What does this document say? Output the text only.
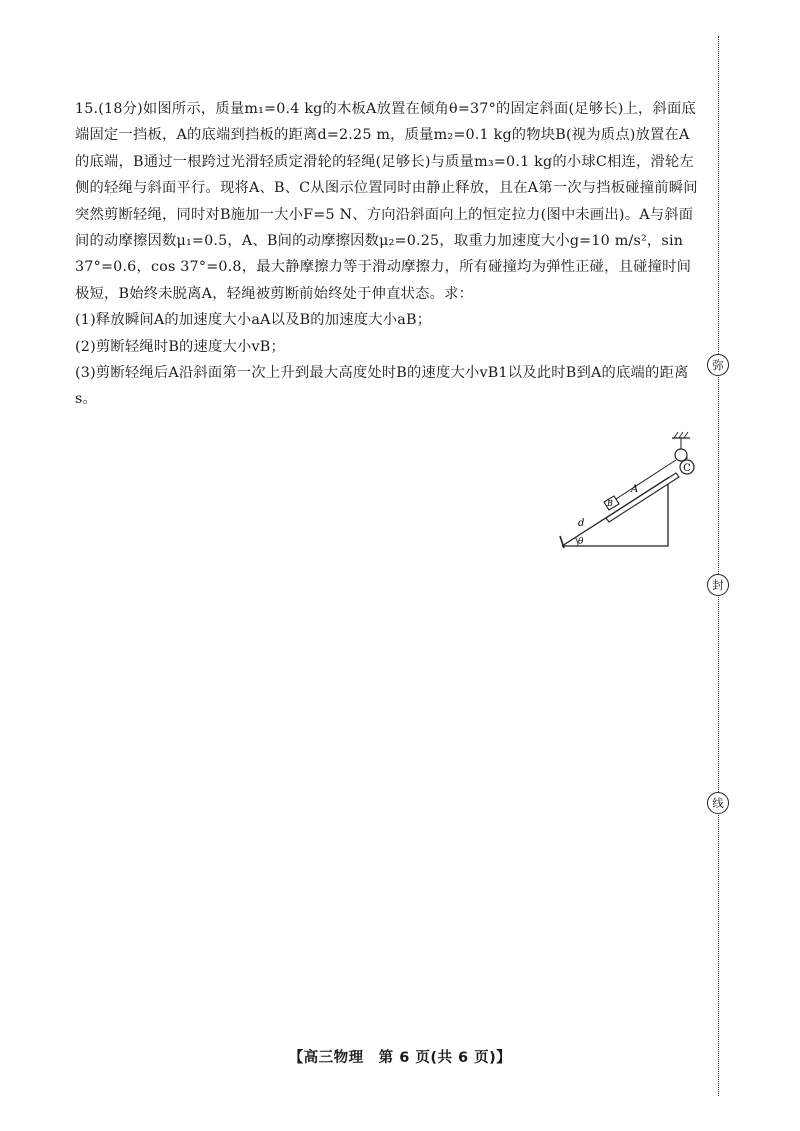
15.(18分)如图所示，质量m₁=0.4 kg的木板A放置在倾角θ=37°的固定斜面(足够长)上，斜面底端固定一挡板，A的底端到挡板的距离d=2.25 m，质量m₂=0.1 kg的物块B(视为质点)放置在A的底端，B通过一根跨过光滑轻质定滑轮的轻绳(足够长)与质量m₃=0.1 kg的小球C相连，滑轮左侧的轻绳与斜面平行。现将A、B、C从图示位置同时由静止释放，且在A第一次与挡板碰撞前瞬间突然剪断轻绳，同时对B施加一大小F=5 N、方向沿斜面向上的恒定拉力(图中未画出)。A与斜面间的动摩擦因数μ₁=0.5，A、B间的动摩擦因数μ₂=0.25，取重力加速度大小g=10 m/s²，sin 37°=0.6，cos 37°=0.8，最大静摩擦力等于滑动摩擦力，所有碰撞均为弹性正碰，且碰撞时间极短，B始终未脱离A，轻绳被剪断前始终处于伸直状态。求：

(1)释放瞬间A的加速度大小aA以及B的加速度大小aB；

(2)剪断轻绳时B的速度大小vB；

(3)剪断轻绳后A沿斜面第一次上升到最大高度处时B的速度大小vB1以及此时B到A的底端的距离s。

C
A
B
d
θ
弥
封
线
【高三物理　第 6 页(共 6 页)】
